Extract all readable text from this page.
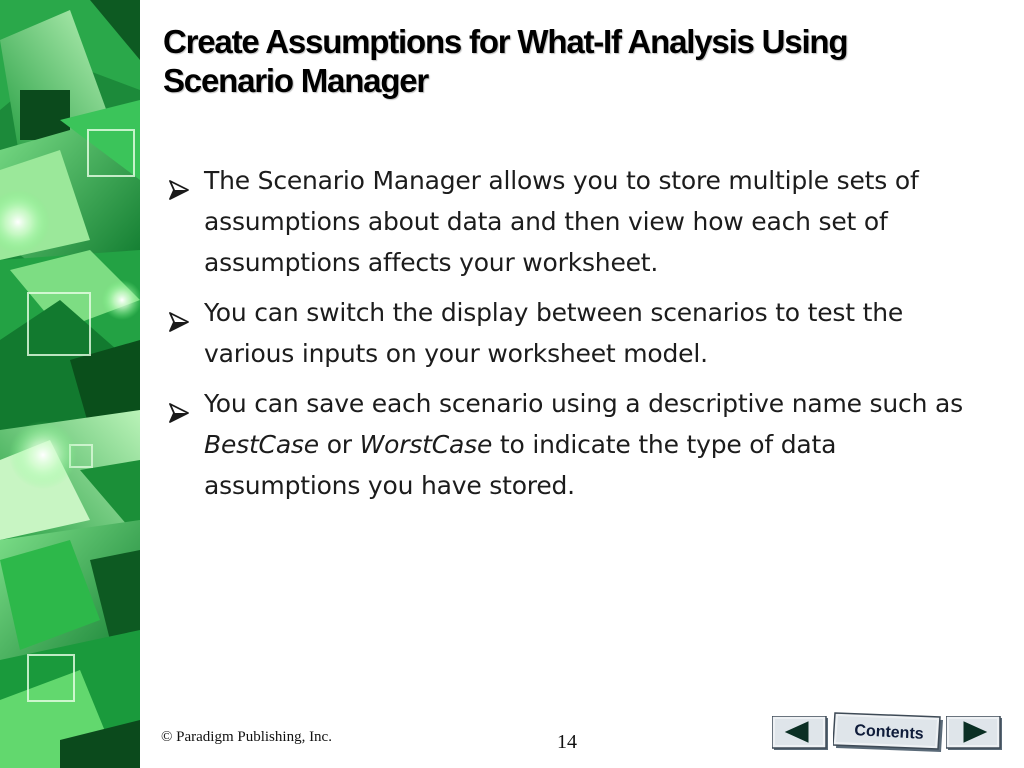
Create Assumptions for What-If Analysis Using
Scenario Manager
The Scenario Manager allows you to store multiple sets of assumptions about data and then view how each set of assumptions affects your worksheet.
You can switch the display between scenarios to test the various inputs on your worksheet model.
You can save each scenario using a descriptive name such as BestCase or WorstCase to indicate the type of data assumptions you have stored.
© Paradigm Publishing, Inc.	14	Contents
